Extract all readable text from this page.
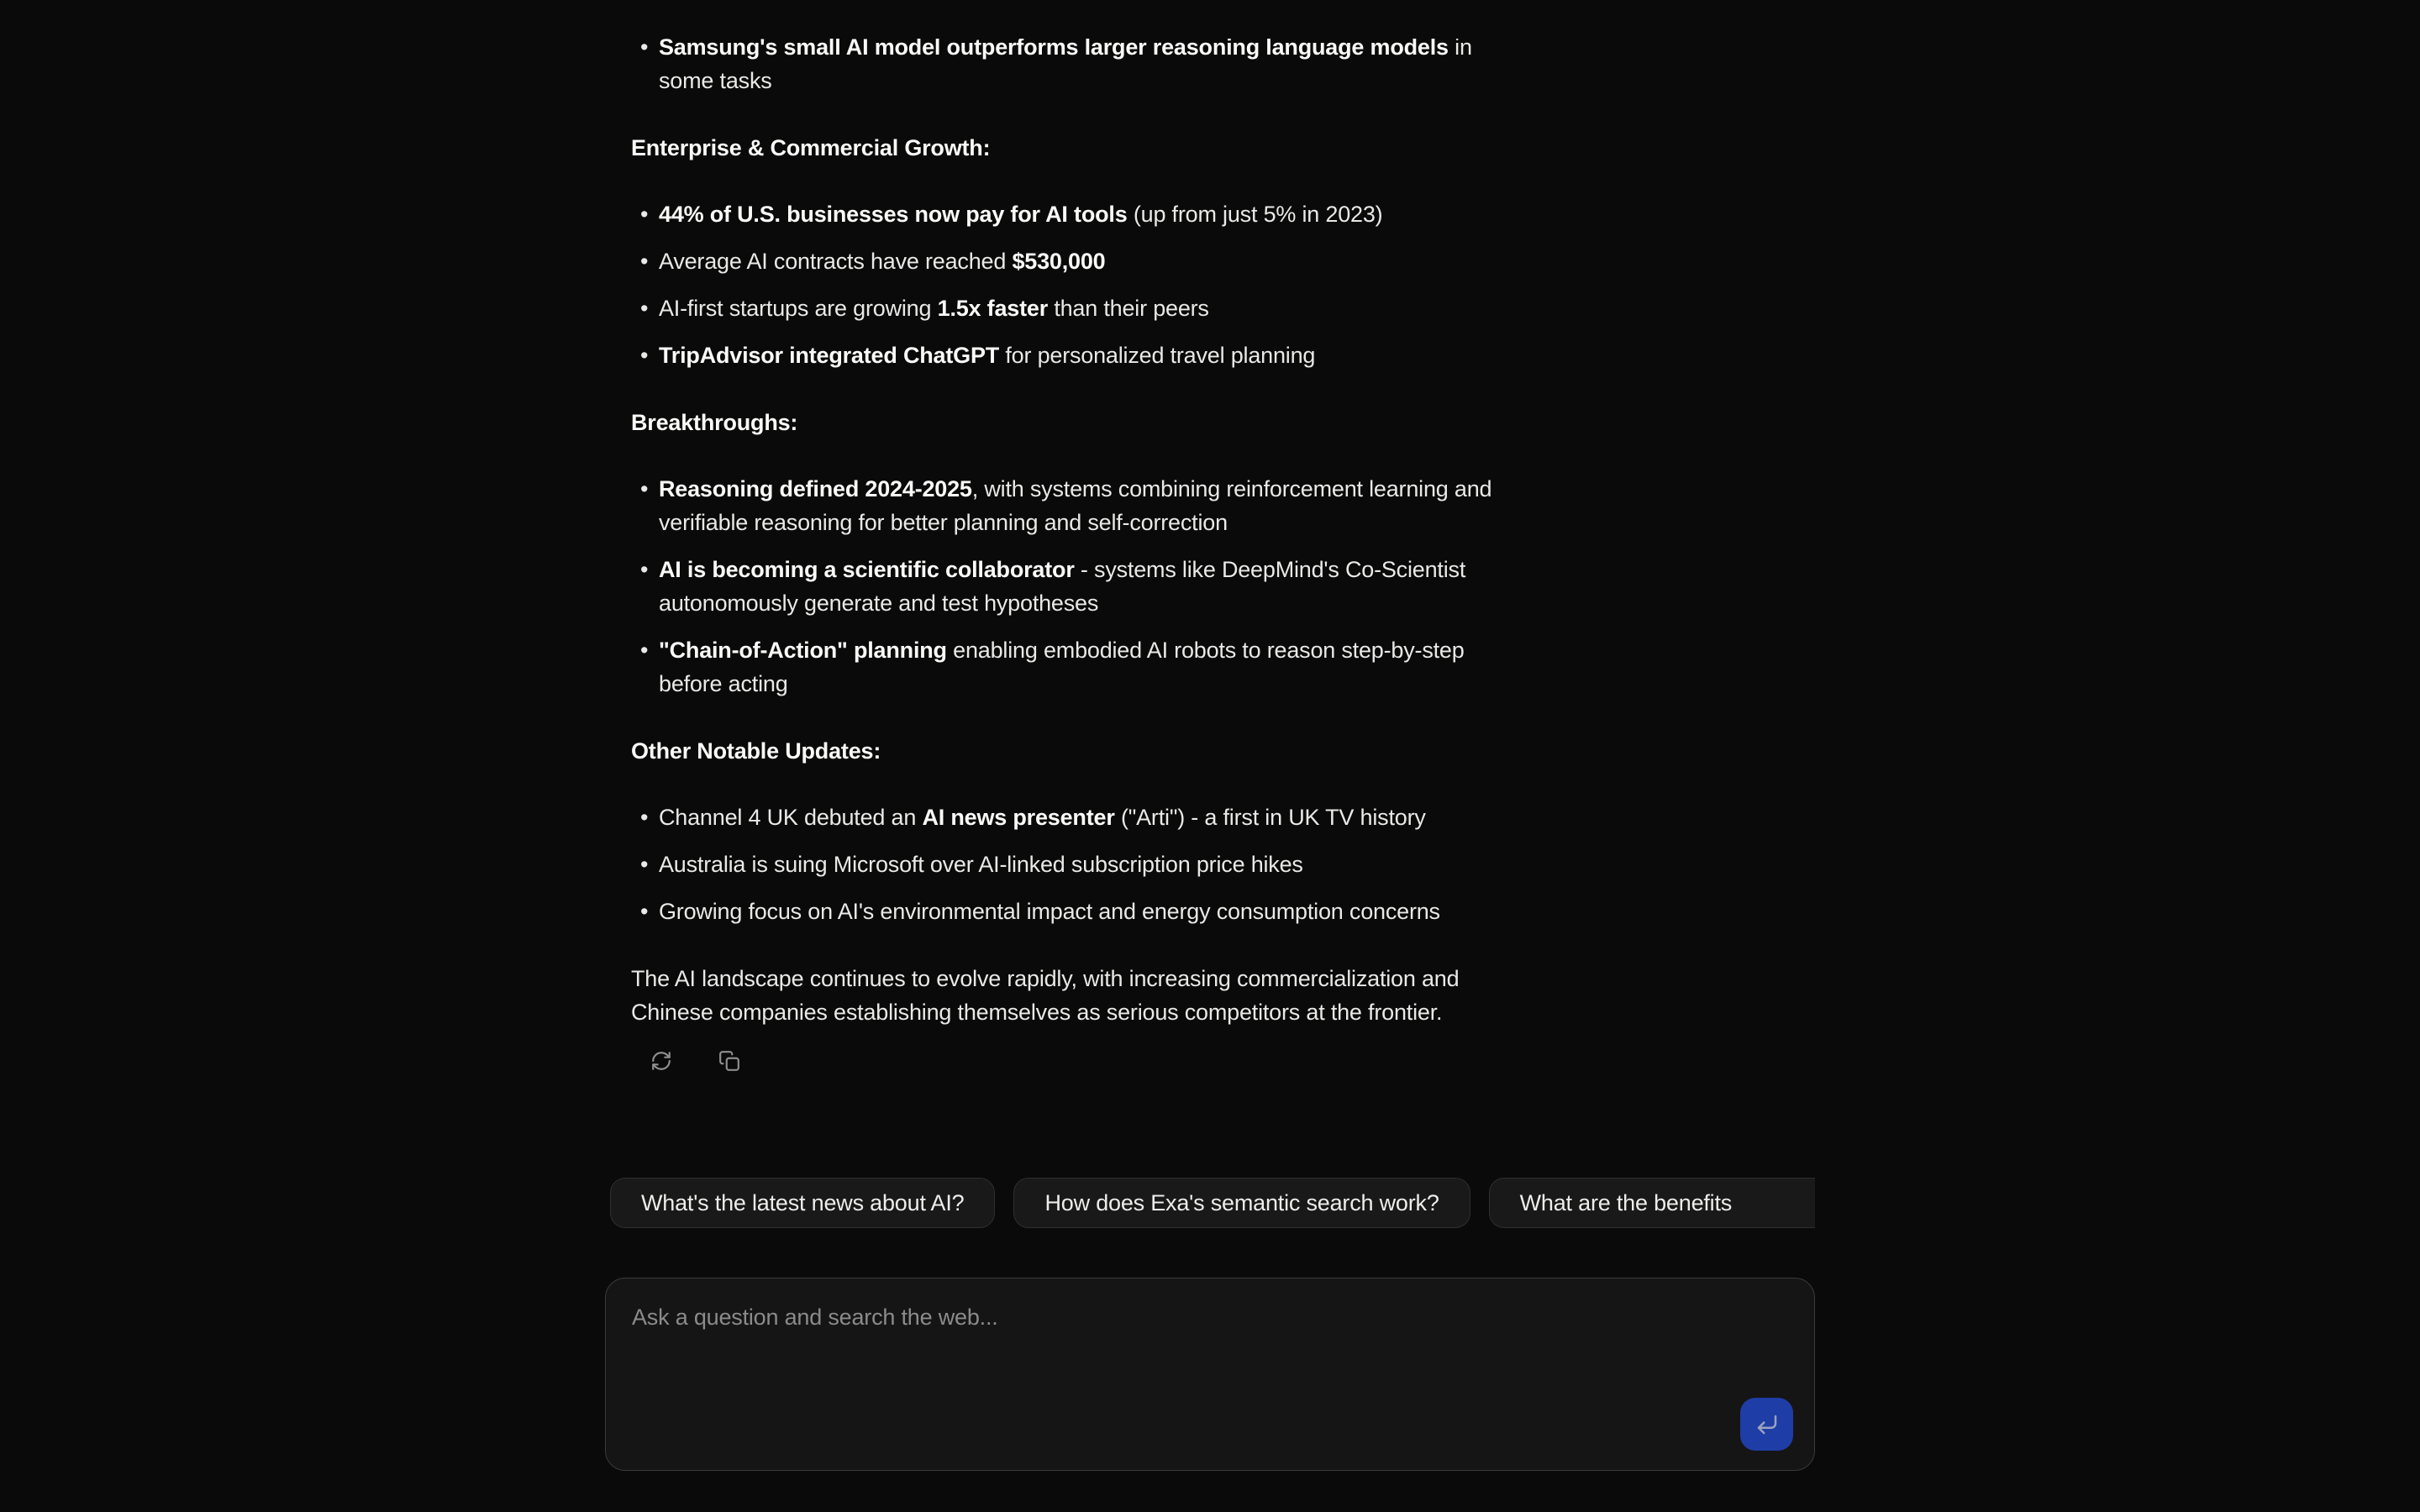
• Samsung's small AI model outperforms larger reasoning language models in some tasks
Enterprise & Commercial Growth:
• 44% of U.S. businesses now pay for AI tools (up from just 5% in 2023)
• Average AI contracts have reached $530,000
• AI-first startups are growing 1.5x faster than their peers
• TripAdvisor integrated ChatGPT for personalized travel planning
Breakthroughs:
• Reasoning defined 2024-2025, with systems combining reinforcement learning and verifiable reasoning for better planning and self-correction
• AI is becoming a scientific collaborator - systems like DeepMind's Co-Scientist autonomously generate and test hypotheses
• "Chain-of-Action" planning enabling embodied AI robots to reason step-by-step before acting
Other Notable Updates:
• Channel 4 UK debuted an AI news presenter ("Arti") - a first in UK TV history
• Australia is suing Microsoft over AI-linked subscription price hikes
• Growing focus on AI's environmental impact and energy consumption concerns

The AI landscape continues to evolve rapidly, with increasing commercialization and Chinese companies establishing themselves as serious competitors at the frontier.

What's the latest news about AI?	How does Exa's semantic search work?	What are the benefits
Ask a question and search the web...
